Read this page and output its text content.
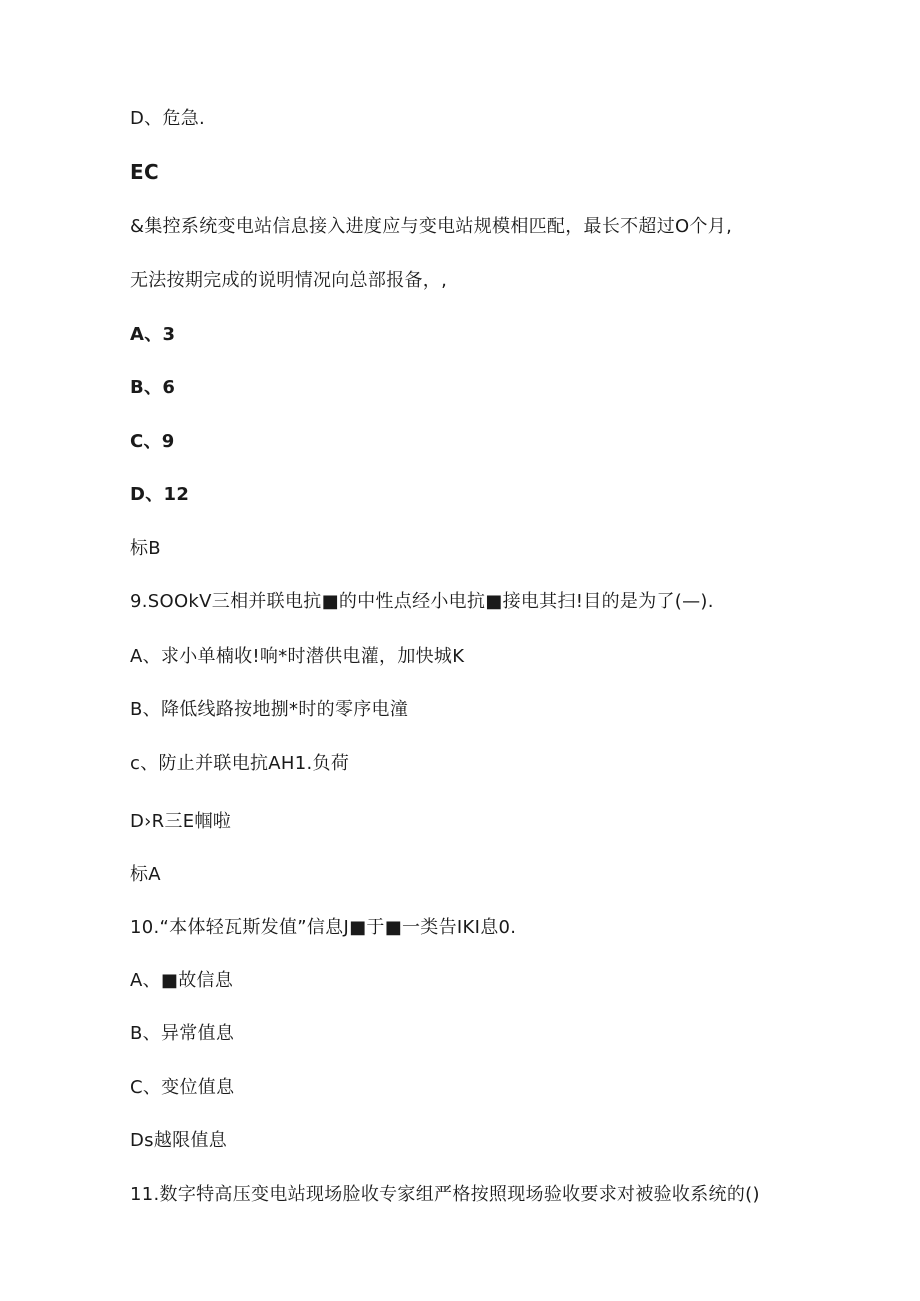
D、危急.
EC
&集控系统变电站信息接入进度应与变电站规模相匹配，最长不超过O个月,
无法按期完成的说明情况向总部报备，,
A、3
B、6
C、9
D、12
标B
9.SOOkV三相并联电抗■的中性点经小电抗■接电其扫!目的是为了(—).
A、求小单楠收!响*时潜供电灌，加快城K
B、降低线路按地捌*时的零序电潼
c、防止并联电抗AH1.负荷
D›R三E帼啦
标A
10.“本体轻瓦斯发值”信息J■于■一类告IKI息0.
A、■故信息
B、异常值息
C、变位值息
Ds越限值息
11.数字特高压变电站现场脸收专家组严格按照现场验收要求对被验收系统的()
